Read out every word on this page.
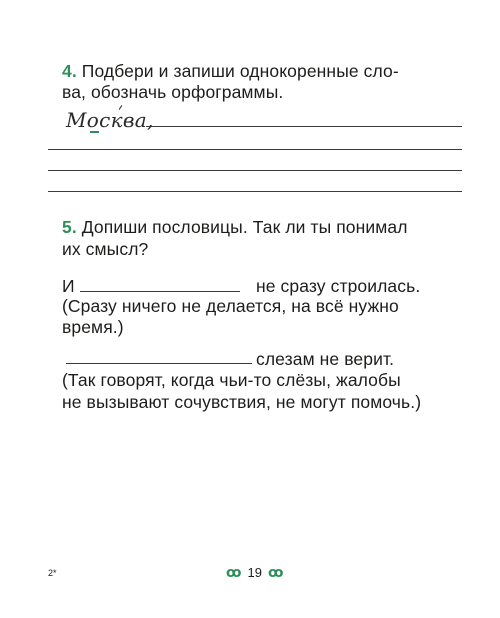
4. Подбери и запиши однокоренные сло-
ва, обозначь орфограммы.
Москва,
5. Допиши пословицы. Так ли ты понимал
их смысл?
И	не сразу строилась.
(Сразу ничего не делается, на всё нужно
время.)
слезам не верит.
(Так говорят, когда чьи-то слёзы, жалобы
не вызывают сочувствия, не могут помочь.)
2*	ꝏ 19 ꝏ
